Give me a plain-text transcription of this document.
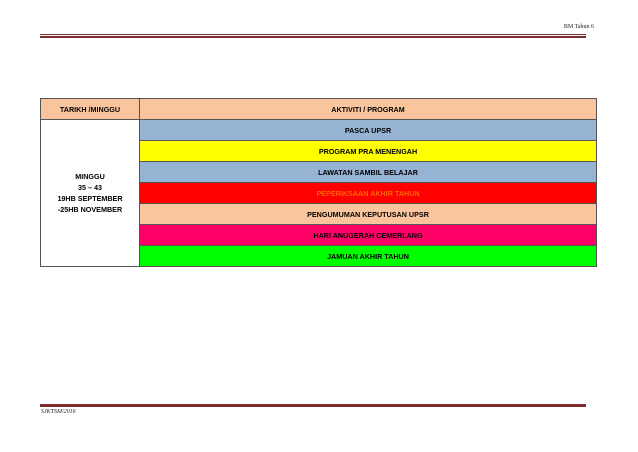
BM Tahun 6
TARIKH /MINGGU	AKTIVITI / PROGRAM

MINGGU
35 – 43
19HB SEPTEMBER
-25HB NOVEMBER	PASCA UPSR
	PROGRAM PRA MENENGAH
	LAWATAN SAMBIL BELAJAR
	PEPERIKSAAN AKHIR TAHUN
	PENGUMUMAN KEPUTUSAN UPSR
	HARI ANUGERAH CEMERLANG
	JAMUAN AKHIR TAHUN
SJKTSM/2016
